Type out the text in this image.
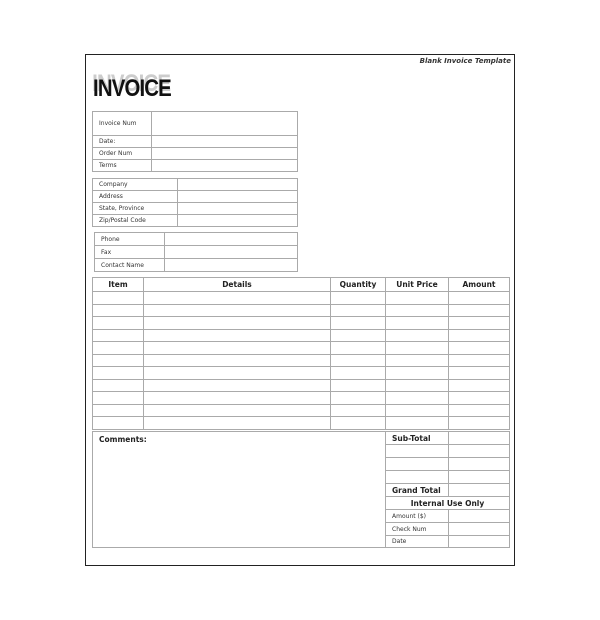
Blank Invoice Template
INVOICE
Invoice Num	
Date:	
Order Num	
Terms	
Company	
Address	
State, Province	
Zip/Postal Code	
Phone	
Fax	
Contact Name	
Item	Details	Quantity	Unit Price	Amount

Comments:	Sub-Total	

	Grand Total	
	Internal Use Only	
	Amount ($)	
	Check Num	
	Date	
